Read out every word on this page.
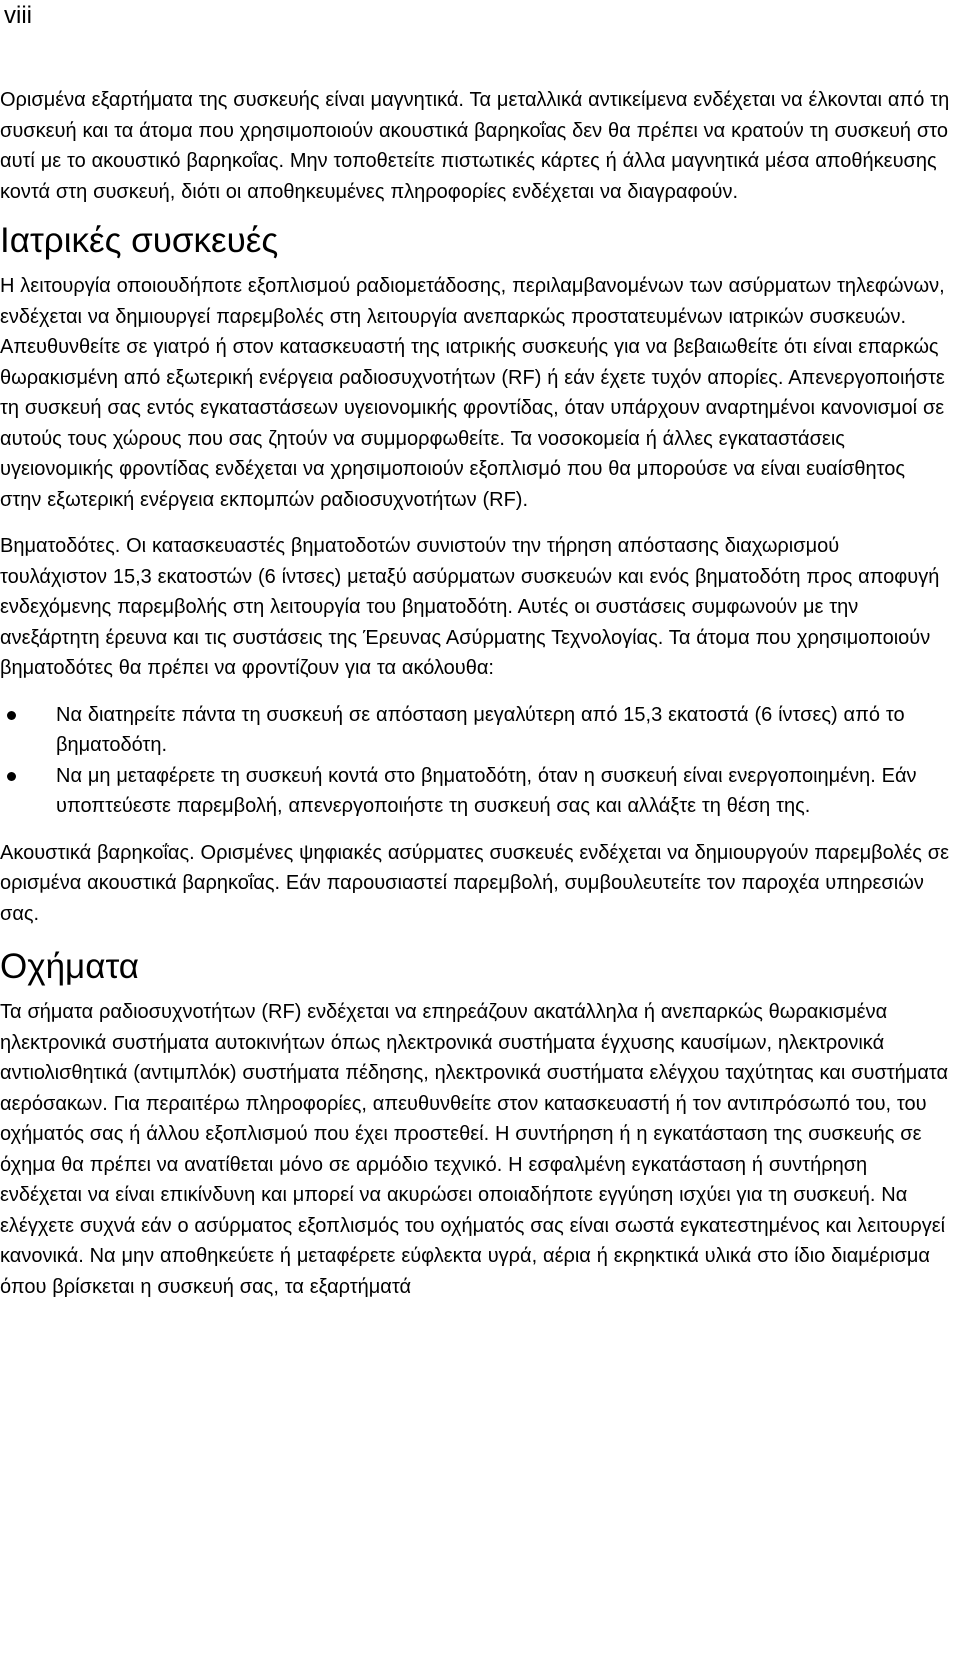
viii

Ορισμένα εξαρτήματα της συσκευής είναι μαγνητικά. Τα μεταλλικά αντικείμενα ενδέχεται να έλκονται από τη συσκευή και τα άτομα που χρησιμοποιούν ακουστικά βαρηκοΐας δεν θα πρέπει να κρατούν τη συσκευή στο αυτί με το ακουστικό βαρηκοΐας. Μην τοποθετείτε πιστωτικές κάρτες ή άλλα μαγνητικά μέσα αποθήκευσης κοντά στη συσκευή, διότι οι αποθηκευμένες πληροφορίες ενδέχεται να διαγραφούν.

Ιατρικές συσκευές

Η λειτουργία οποιουδήποτε εξοπλισμού ραδιομετάδοσης, περιλαμβανομένων των ασύρματων τηλεφώνων, ενδέχεται να δημιουργεί παρεμβολές στη λειτουργία ανεπαρκώς προστατευμένων ιατρικών συσκευών. Απευθυνθείτε σε γιατρό ή στον κατασκευαστή της ιατρικής συσκευής για να βεβαιωθείτε ότι είναι επαρκώς θωρακισμένη από εξωτερική ενέργεια ραδιοσυχνοτήτων (RF) ή εάν έχετε τυχόν απορίες. Απενεργοποιήστε τη συσκευή σας εντός εγκαταστάσεων υγειονομικής φροντίδας, όταν υπάρχουν αναρτημένοι κανονισμοί σε αυτούς τους χώρους που σας ζητούν να συμμορφωθείτε. Τα νοσοκομεία ή άλλες εγκαταστάσεις υγειονομικής φροντίδας ενδέχεται να χρησιμοποιούν εξοπλισμό που θα μπορούσε να είναι ευαίσθητος στην εξωτερική ενέργεια εκπομπών ραδιοσυχνοτήτων (RF).

Βηματοδότες. Οι κατασκευαστές βηματοδοτών συνιστούν την τήρηση απόστασης διαχωρισμού τουλάχιστον 15,3 εκατοστών (6 ίντσες) μεταξύ ασύρματων συσκευών και ενός βηματοδότη προς αποφυγή ενδεχόμενης παρεμβολής στη λειτουργία του βηματοδότη. Αυτές οι συστάσεις συμφωνούν με την ανεξάρτητη έρευνα και τις συστάσεις της Έρευνας Ασύρματης Τεχνολογίας. Τα άτομα που χρησιμοποιούν βηματοδότες θα πρέπει να φροντίζουν για τα ακόλουθα:

Να διατηρείτε πάντα τη συσκευή σε απόσταση μεγαλύτερη από 15,3 εκατοστά (6 ίντσες) από το βηματοδότη.
Να μη μεταφέρετε τη συσκευή κοντά στο βηματοδότη, όταν η συσκευή είναι ενεργοποιημένη. Εάν υποπτεύεστε παρεμβολή, απενεργοποιήστε τη συσκευή σας και αλλάξτε τη θέση της.

Ακουστικά βαρηκοΐας. Ορισμένες ψηφιακές ασύρματες συσκευές ενδέχεται να δημιουργούν παρεμβολές σε ορισμένα ακουστικά βαρηκοΐας. Εάν παρουσιαστεί παρεμβολή, συμβουλευτείτε τον παροχέα υπηρεσιών σας.

Οχήματα

Τα σήματα ραδιοσυχνοτήτων (RF) ενδέχεται να επηρεάζουν ακατάλληλα ή ανεπαρκώς θωρακισμένα ηλεκτρονικά συστήματα αυτοκινήτων όπως ηλεκτρονικά συστήματα έγχυσης καυσίμων, ηλεκτρονικά αντιολισθητικά (αντιμπλόκ) συστήματα πέδησης, ηλεκτρονικά συστήματα ελέγχου ταχύτητας και συστήματα αερόσακων. Για περαιτέρω πληροφορίες, απευθυνθείτε στον κατασκευαστή ή τον αντιπρόσωπό του, του οχήματός σας ή άλλου εξοπλισμού που έχει προστεθεί. Η συντήρηση ή η εγκατάσταση της συσκευής σε όχημα θα πρέπει να ανατίθεται μόνο σε αρμόδιο τεχνικό. Η εσφαλμένη εγκατάσταση ή συντήρηση ενδέχεται να είναι επικίνδυνη και μπορεί να ακυρώσει οποιαδήποτε εγγύηση ισχύει για τη συσκευή. Να ελέγχετε συχνά εάν ο ασύρματος εξοπλισμός του οχήματός σας είναι σωστά εγκατεστημένος και λειτουργεί κανονικά. Να μην αποθηκεύετε ή μεταφέρετε εύφλεκτα υγρά, αέρια ή εκρηκτικά υλικά στο ίδιο διαμέρισμα όπου βρίσκεται η συσκευή σας, τα εξαρτήματά
